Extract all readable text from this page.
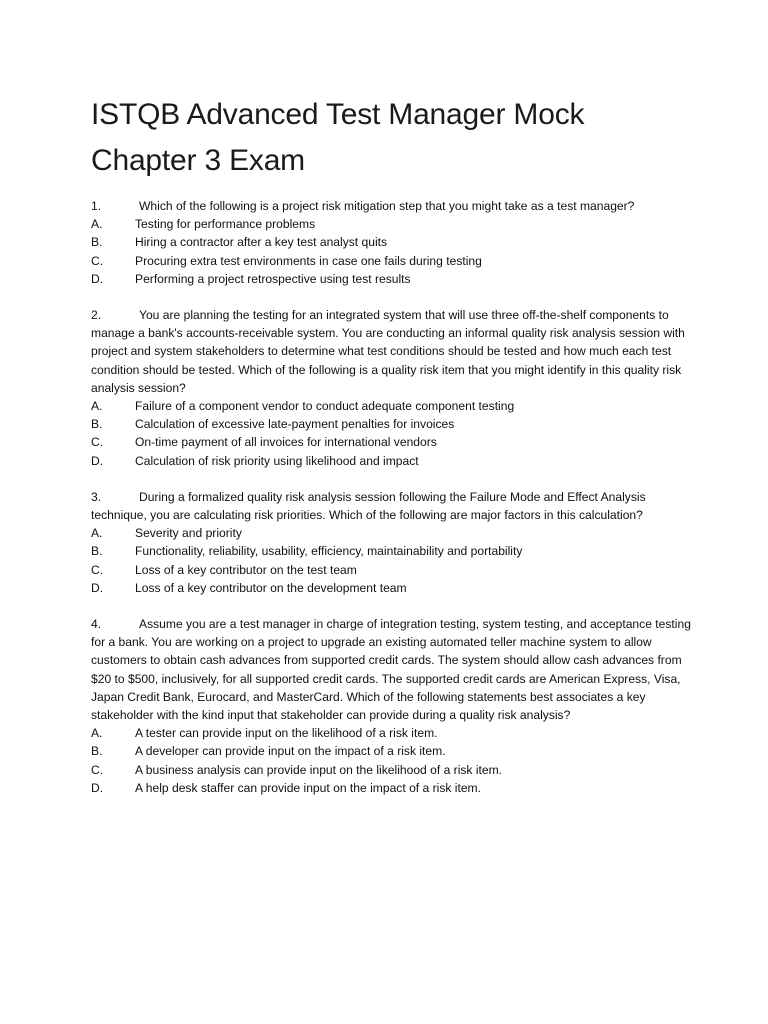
ISTQB Advanced Test Manager Mock
Chapter 3 Exam

1.	Which of the following is a project risk mitigation step that you might take as a test manager?

A.	Testing for performance problems
B.	Hiring a contractor after a key test analyst quits
C.	Procuring extra test environments in case one fails during testing
D.	Performing a project retrospective using test results

2.	You are planning the testing for an integrated system that will use three off-the-shelf components to manage a bank's accounts-receivable system. You are conducting an informal quality risk analysis session with project and system stakeholders to determine what test conditions should be tested and how much each test condition should be tested. Which of the following is a quality risk item that you might identify in this quality risk analysis session?

A.	Failure of a component vendor to conduct adequate component testing
B.	Calculation of excessive late-payment penalties for invoices
C.	On-time payment of all invoices for international vendors
D.	Calculation of risk priority using likelihood and impact

3.	During a formalized quality risk analysis session following the Failure Mode and Effect Analysis technique, you are calculating risk priorities. Which of the following are major factors in this calculation?

A.	Severity and priority
B.	Functionality, reliability, usability, efficiency, maintainability and portability
C.	Loss of a key contributor on the test team
D.	Loss of a key contributor on the development team

4.	Assume you are a test manager in charge of integration testing, system testing, and acceptance testing for a bank. You are working on a project to upgrade an existing automated teller machine system to allow customers to obtain cash advances from supported credit cards. The system should allow cash advances from $20 to $500, inclusively, for all supported credit cards. The supported credit cards are American Express, Visa, Japan Credit Bank, Eurocard, and MasterCard. Which of the following statements best associates a key stakeholder with the kind input that stakeholder can provide during a quality risk analysis?

A.	A tester can provide input on the likelihood of a risk item.
B.	A developer can provide input on the impact of a risk item.
C.	A business analysis can provide input on the likelihood of a risk item.
D.	A help desk staffer can provide input on the impact of a risk item.
